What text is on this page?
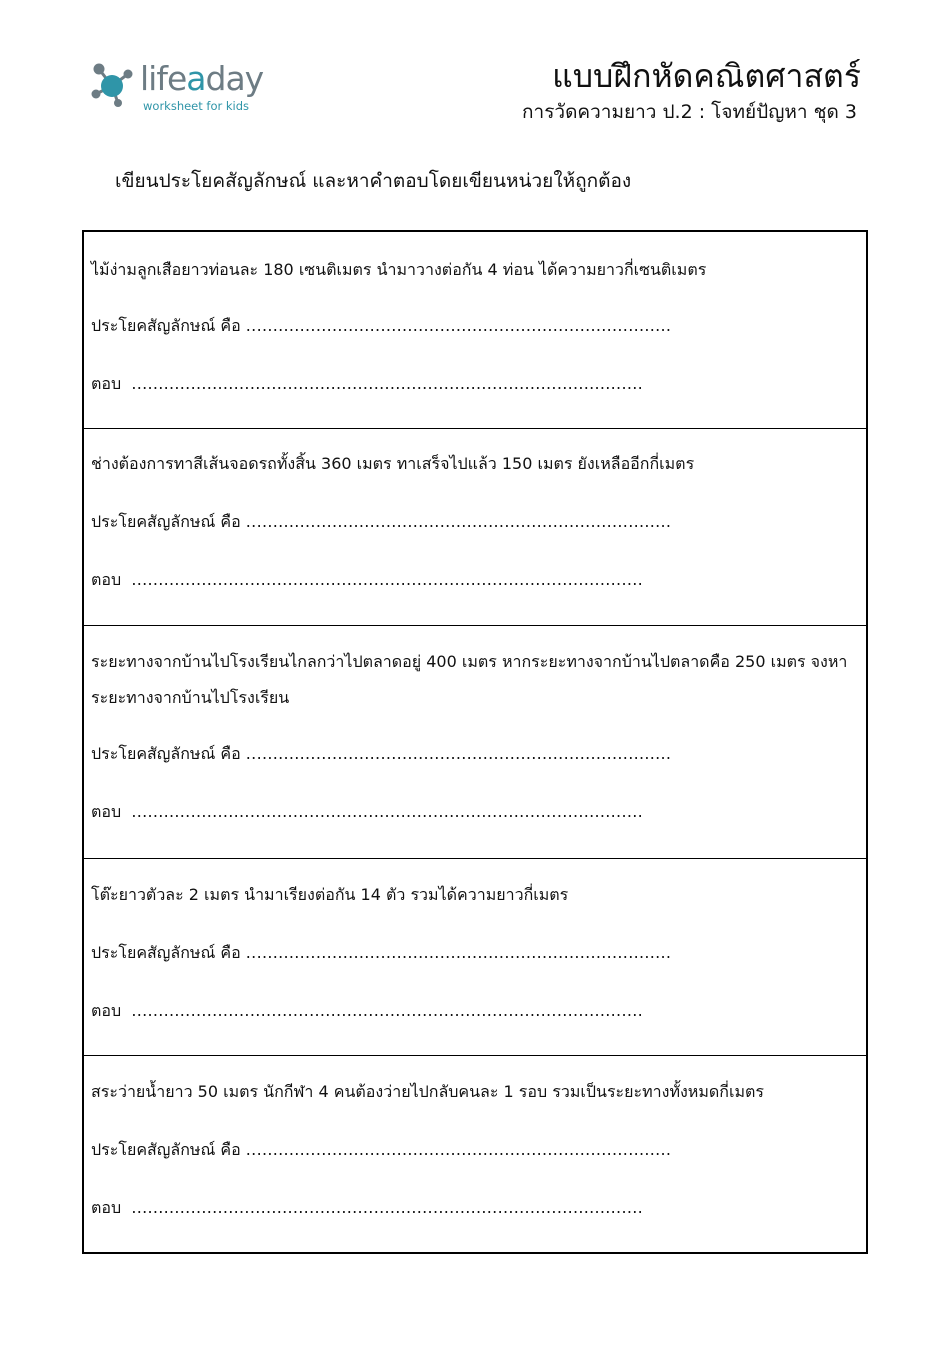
lifeaday
worksheet for kids
แบบฝึกหัดคณิตศาสตร์
การวัดความยาว ป.2 : โจทย์ปัญหา ชุด 3
เขียนประโยคสัญลักษณ์ และหาคำตอบโดยเขียนหน่วยให้ถูกต้อง
ไม้ง่ามลูกเสือยาวท่อนละ 180 เซนติเมตร นำมาวางต่อกัน 4 ท่อน ได้ความยาวกี่เซนติเมตร
ประโยคสัญลักษณ์ คือ ...............................................................................
ตอบ ...............................................................................................
ช่างต้องการทาสีเส้นจอดรถทั้งสิ้น 360 เมตร ทาเสร็จไปแล้ว 150 เมตร ยังเหลืออีกกี่เมตร
ประโยคสัญลักษณ์ คือ ...............................................................................
ตอบ ...............................................................................................
ระยะทางจากบ้านไปโรงเรียนไกลกว่าไปตลาดอยู่ 400 เมตร หากระยะทางจากบ้านไปตลาดคือ 250 เมตร จงหาระยะทางจากบ้านไปโรงเรียน
ประโยคสัญลักษณ์ คือ ...............................................................................
ตอบ ...............................................................................................
โต๊ะยาวตัวละ 2 เมตร นำมาเรียงต่อกัน 14 ตัว รวมได้ความยาวกี่เมตร
ประโยคสัญลักษณ์ คือ ...............................................................................
ตอบ ...............................................................................................
สระว่ายน้ำยาว 50 เมตร นักกีฬา 4 คนต้องว่ายไปกลับคนละ 1 รอบ รวมเป็นระยะทางทั้งหมดกี่เมตร
ประโยคสัญลักษณ์ คือ ...............................................................................
ตอบ ...............................................................................................
